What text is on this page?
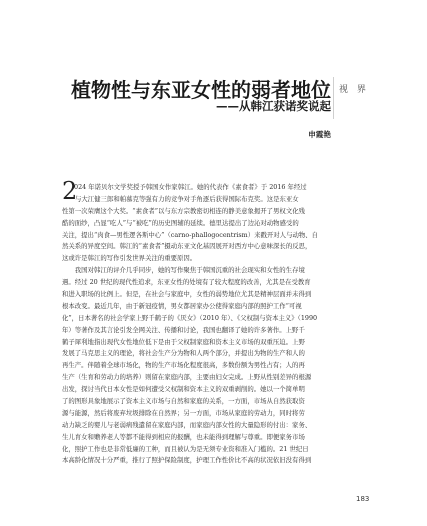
视 界
植物性与东亚女性的弱者地位
——从韩江获诺奖说起
申霞艳
2
024 年诺贝尔文学奖授予韩国女作家韩江。她的代表作《素食者》于 2016 年经过
与大江健三郎和帕慕克等强有力的竞争对手角逐后获得国际布克奖。这是东亚女
性第一次荣膺这个大奖。“素食者”以与东方宗教密切相连的静美意象揭开了男权文化残
酷的面纱，凸显“吃人”与“被吃”的历史图辅的延续。德里达提出了边沁对动物感受的
关注，提出“肉食—男性逻各斯中心”（carno-phallogocentrism）来戳开对人与动物、自
然关系的异度空间。韩江的“素食者”摄动东亚文化基因展开对西方中心意味深长的反思，
这或许是韩江的写作引发世界关注的重要原因。
我国对韩江的评介几乎同步，她的写作聚焦于韩国沉重的社会现实和女性的生存境
遇。经过 20 世纪的现代性追求，东亚女性的处境有了较大程度的改善，尤其是在受教育
和进入职场的比例上。但是，在社会与家庭中，女性的弱势地位尤其是精神层面并未得到
根本改变。最近几年，由于新冠疫情，男女都居家办公使得家庭内部的照护工作“可视
化”，日本著名的社会学家上野千鹤子的《厌女》（2010 年）、《父权制与资本主义》（1990
年）等著作及其言论引发全网关注、传播和讨论，我国也翻译了她的许多著作。上野千
鹤子犀利地指出现代女性地位低下是由于父权制家庭和资本主义市场的双重压迫。上野
发展了马克思主义的理论，将社会生产分为物和人两个部分，并提出为物的生产和人的
再生产。伴随着全球市场化，物的生产市场化程度很高，多数份额为男性占有；人的再
生产（生育和劳动力的培养）则留在家庭内部，主要由妇女完成。上野从性别差异的根源
出发，探讨当代日本女性是如何遭受父权制和资本主义的双重剥削的。她以一个简单明
了的图形具象地展示了资本主义市场与自然和家庭的关系，一方面，市场从自然获取资
源与能源，然后将废弃垃圾排除在自然界；另一方面，市场从家庭的劳动力，同时将劳
动力缺乏的婴儿与老弱病残遣留在家庭内部，而家庭内部女性的大量隐形的付出：家务、
生儿育女和赡养老人等都不能得到相应的报酬，也未能得到理解与尊重。即便家务市场
化，照护工作也是非常低廉的工种，而且被认为是无须专业资和准入门槛的。21 世纪日
本高龄化情况十分严重，推行了照护保险制度，护理工作性价比不高的状况依旧没有得到
183
